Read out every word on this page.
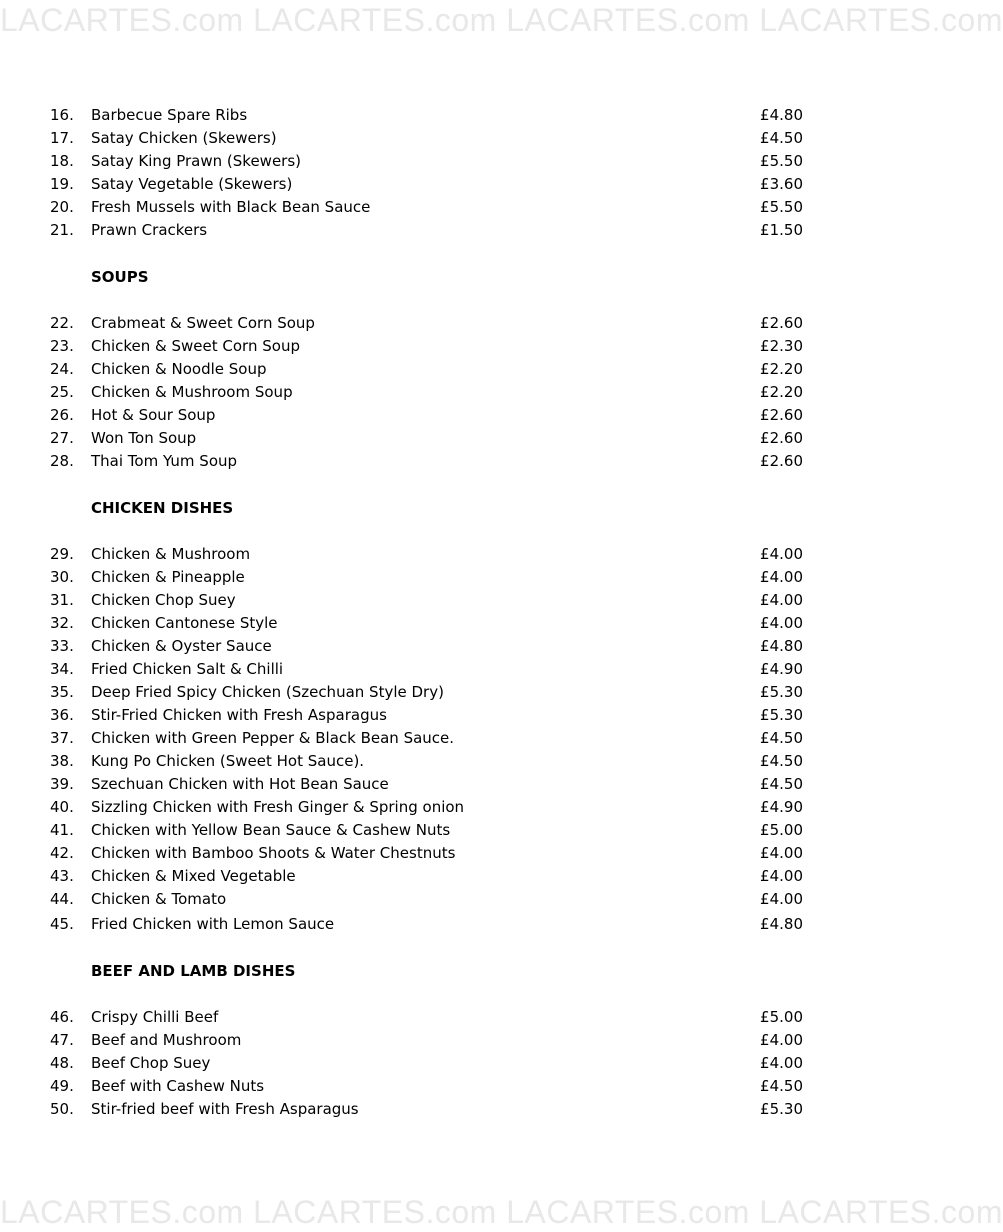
LACARTES.com LACARTES.com LACARTES.com LACARTES.com
16. Barbecue Spare Ribs	£4.80
17. Satay Chicken (Skewers)	£4.50
18. Satay King Prawn (Skewers)	£5.50
19. Satay Vegetable (Skewers)	£3.60
20. Fresh Mussels with Black Bean Sauce	£5.50
21. Prawn Crackers	£1.50
SOUPS
22. Crabmeat & Sweet Corn Soup	£2.60
23. Chicken & Sweet Corn Soup	£2.30
24. Chicken & Noodle Soup	£2.20
25. Chicken & Mushroom Soup	£2.20
26. Hot & Sour Soup	£2.60
27. Won Ton Soup	£2.60
28. Thai Tom Yum Soup	£2.60
CHICKEN DISHES
29. Chicken & Mushroom	£4.00
30. Chicken & Pineapple	£4.00
31. Chicken Chop Suey	£4.00
32. Chicken Cantonese Style	£4.00
33. Chicken & Oyster Sauce	£4.80
34. Fried Chicken Salt & Chilli	£4.90
35. Deep Fried Spicy Chicken (Szechuan Style Dry)	£5.30
36. Stir-Fried Chicken with Fresh Asparagus	£5.30
37. Chicken with Green Pepper & Black Bean Sauce.	£4.50
38. Kung Po Chicken (Sweet Hot Sauce).	£4.50
39. Szechuan Chicken with Hot Bean Sauce	£4.50
40. Sizzling Chicken with Fresh Ginger & Spring onion	£4.90
41. Chicken with Yellow Bean Sauce & Cashew Nuts	£5.00
42. Chicken with Bamboo Shoots & Water Chestnuts	£4.00
43. Chicken & Mixed Vegetable	£4.00
44. Chicken & Tomato	£4.00
45. Fried Chicken with Lemon Sauce	£4.80
BEEF AND LAMB DISHES
46. Crispy Chilli Beef	£5.00
47. Beef and Mushroom	£4.00
48. Beef Chop Suey	£4.00
49. Beef with Cashew Nuts	£4.50
50. Stir-fried beef with Fresh Asparagus	£5.30
LACARTES.com LACARTES.com LACARTES.com LACARTES.com
